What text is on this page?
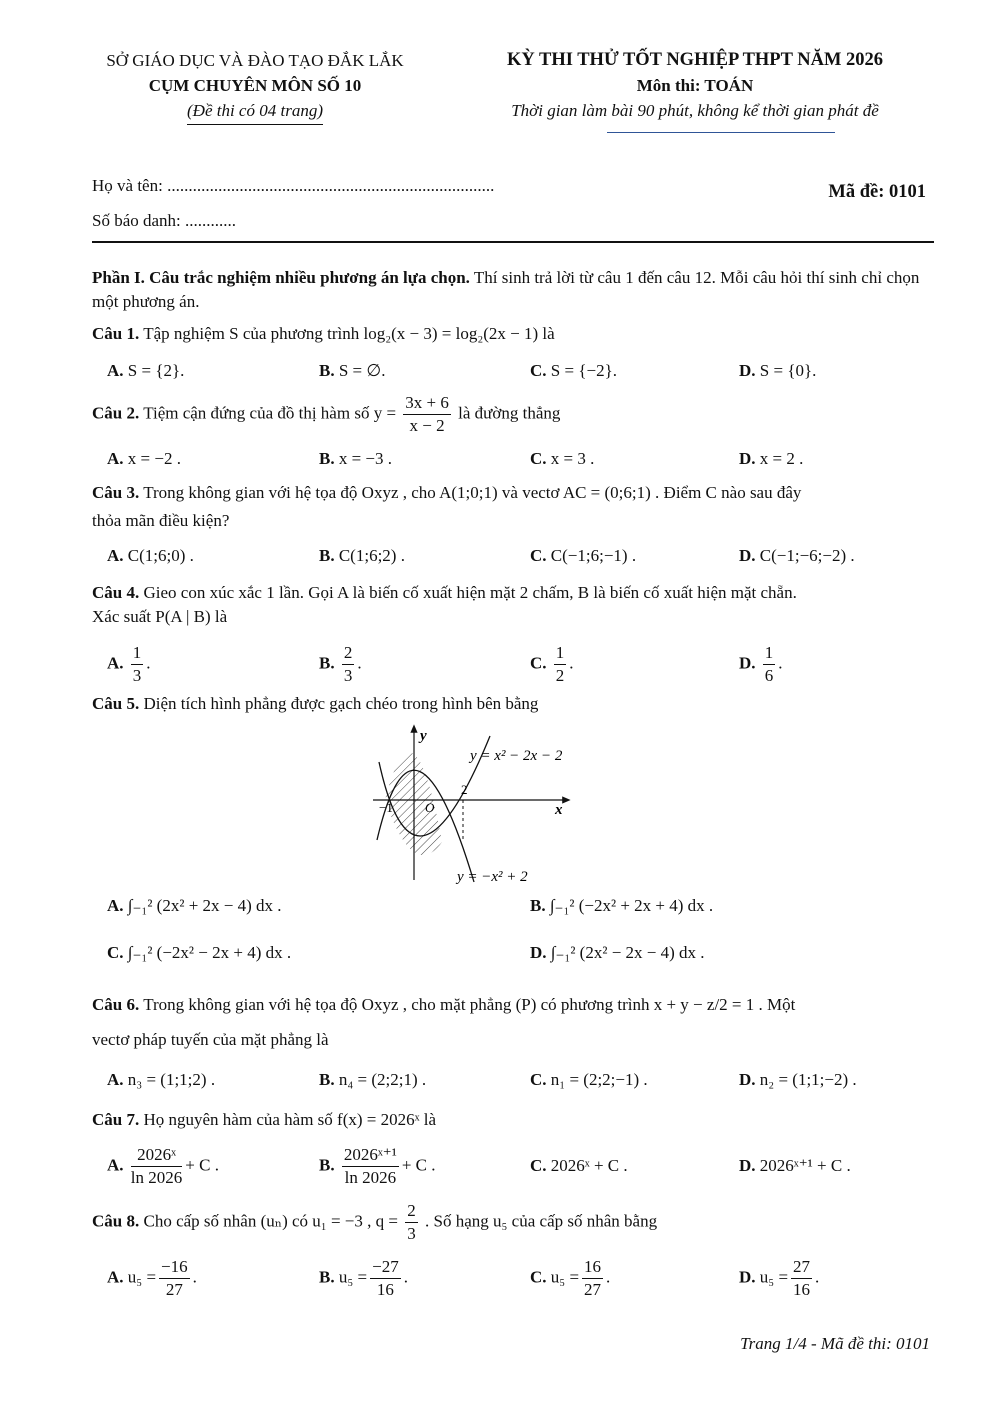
SỞ GIÁO DỤC VÀ ĐÀO TẠO ĐẮK LẮK
CỤM CHUYÊN MÔN SỐ 10
(Đề thi có 04 trang)
KỲ THI THỬ TỐT NGHIỆP THPT NĂM 2026
Môn thi: TOÁN
Thời gian làm bài 90 phút, không kể thời gian phát đề
Họ và tên: .............................................................................
Số báo danh: ............
Mã đề: 0101
Phần I. Câu trắc nghiệm nhiều phương án lựa chọn. Thí sinh trả lời từ câu 1 đến câu 12. Mỗi câu hỏi thí sinh chỉ chọn một phương án.
Câu 1. Tập nghiệm S của phương trình log₂(x − 3) = log₂(2x − 1) là
A. S = {2}.	B. S = ∅.	C. S = {−2}.	D. S = {0}.
Câu 2. Tiệm cận đứng của đồ thị hàm số $y = \frac{3x + 6}{x - 2}$ là đường thẳng
A. x = −2 .	B. x = −3 .	C. x = 3 .	D. x = 2 .
Câu 3. Trong không gian với hệ tọa độ Oxyz , cho A(1;0;1) và vectơ AC = (0;6;1) . Điểm C nào sau đây
thỏa mãn điều kiện?
A. C(1;6;0) .	B. C(1;6;2) .	C. C(−1;6;−1) .	D. C(−1;−6;−2) .
Câu 4. Gieo con xúc xắc 1 lần. Gọi A là biến cố xuất hiện mặt 2 chấm, B là biến cố xuất hiện mặt chẵn.
Xác suất P(A | B) là
A. $\frac{1}{3}$ .	B. $\frac{2}{3}$ .	C. $\frac{1}{2}$ .	D. $\frac{1}{6}$ .
Câu 5. Diện tích hình phẳng được gạch chéo trong hình bên bằng
y
x
O
−1
2
y = x² − 2x − 2
y = −x² + 2
A. ∫₋₁² (2x² + 2x − 4) dx .	B. ∫₋₁² (−2x² + 2x + 4) dx .
C. ∫₋₁² (−2x² − 2x + 4) dx .	D. ∫₋₁² (2x² − 2x − 4) dx .
Câu 6. Trong không gian với hệ tọa độ Oxyz , cho mặt phẳng (P) có phương trình x + y − z/2 = 1 . Một
vectơ pháp tuyến của mặt phẳng là
A. n₃ = (1;1;2) .	B. n₄ = (2;2;1) .	C. n₁ = (2;2;−1) .	D. n₂ = (1;1;−2) .
Câu 7. Họ nguyên hàm của hàm số f(x) = 2026ˣ là
A. $\frac{\text{2026ˣ}}{\ln 2026} + C$ .	B. $\frac{\text{2026ˣ⁺¹}}{\ln 2026} + C$ .	C. 2026ˣ + C .	D. 2026ˣ⁺¹ + C .
Câu 8. Cho cấp số nhân (uₙ) có u₁ = −3 , $q = \frac{2}{3}$ . Số hạng u₅ của cấp số nhân bằng
A. $u_5 = \frac{-16}{27}$ .	B. $u_5 = \frac{-27}{16}$ .	C. $u_5 = \frac{16}{27}$ .	D. $u_5 = \frac{27}{16}$ .
Trang 1/4 - Mã đề thi: 0101
